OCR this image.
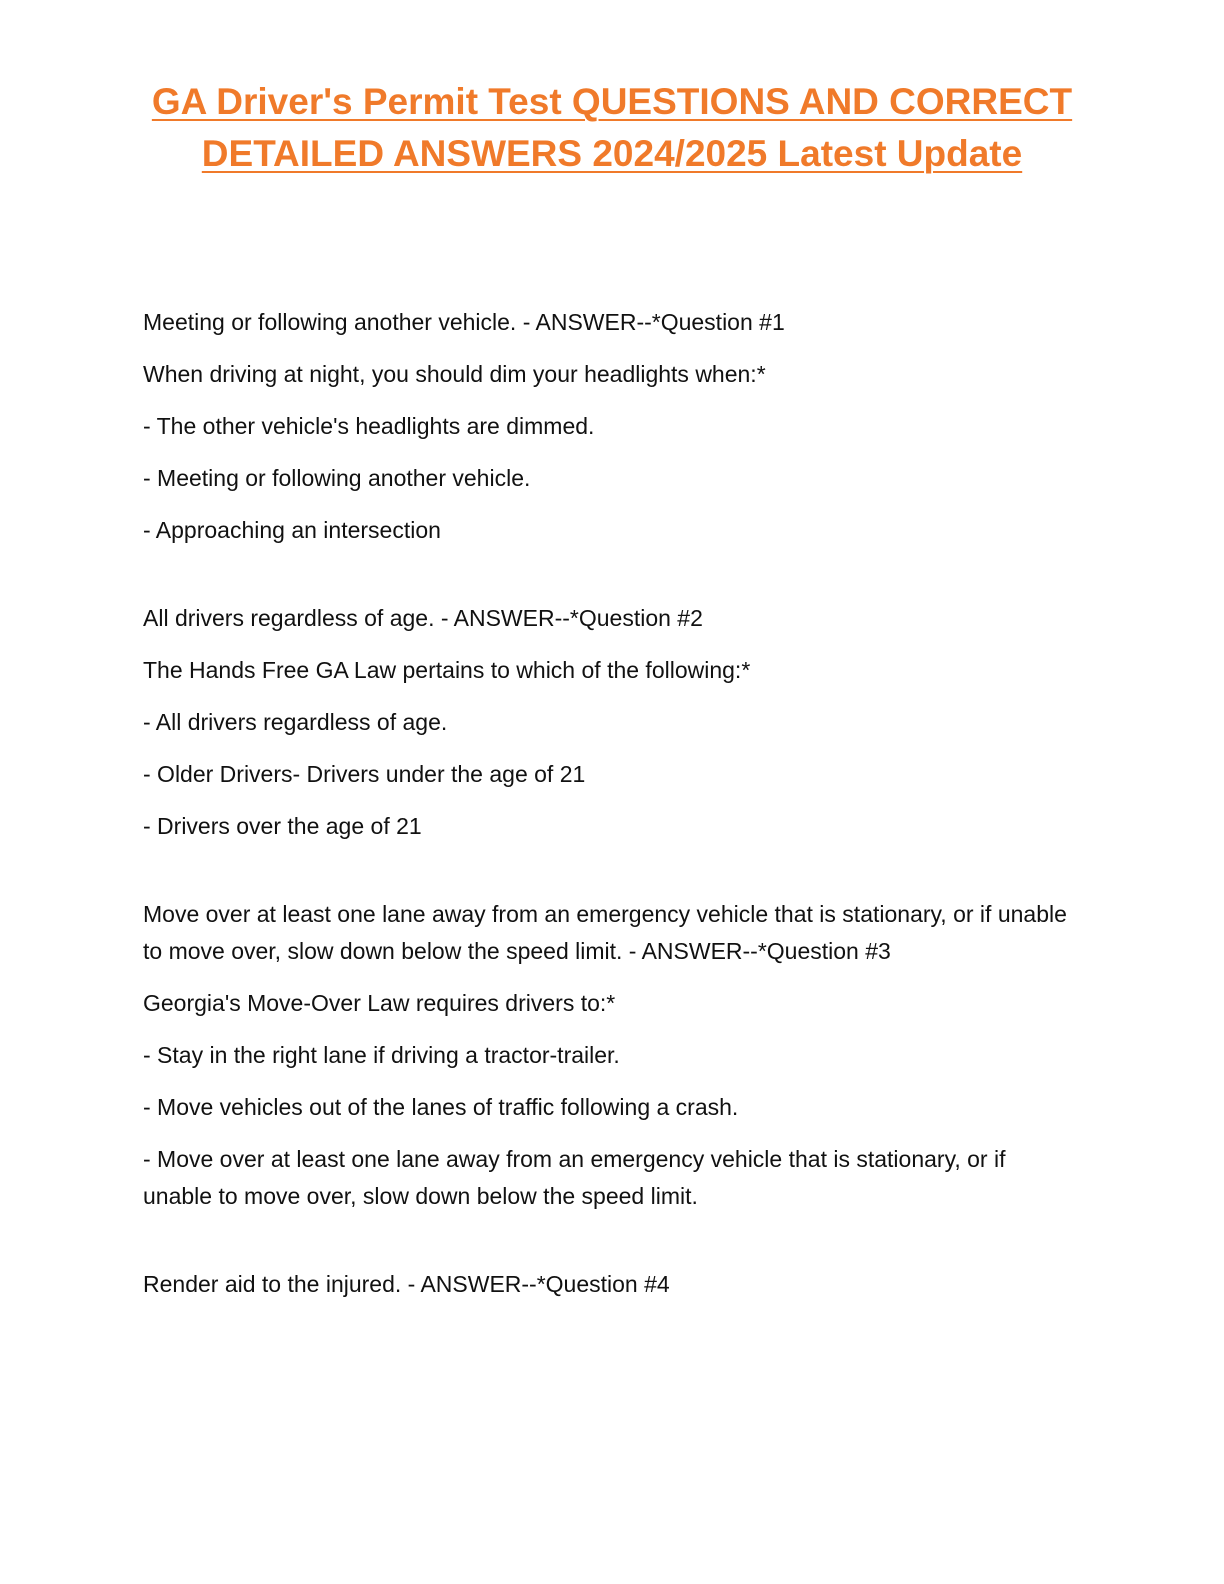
GA Driver's Permit Test QUESTIONS AND CORRECT DETAILED ANSWERS 2024/2025 Latest Update

Meeting or following another vehicle. - ANSWER--*Question #1

When driving at night, you should dim your headlights when:*

- The other vehicle's headlights are dimmed.

- Meeting or following another vehicle.

- Approaching an intersection

All drivers regardless of age. - ANSWER--*Question #2

The Hands Free GA Law pertains to which of the following:*

- All drivers regardless of age.

- Older Drivers- Drivers under the age of 21

- Drivers over the age of 21

Move over at least one lane away from an emergency vehicle that is stationary, or if unable to move over, slow down below the speed limit. - ANSWER--*Question #3

Georgia's Move-Over Law requires drivers to:*

- Stay in the right lane if driving a tractor-trailer.

- Move vehicles out of the lanes of traffic following a crash.

- Move over at least one lane away from an emergency vehicle that is stationary, or if unable to move over, slow down below the speed limit.

Render aid to the injured. - ANSWER--*Question #4
